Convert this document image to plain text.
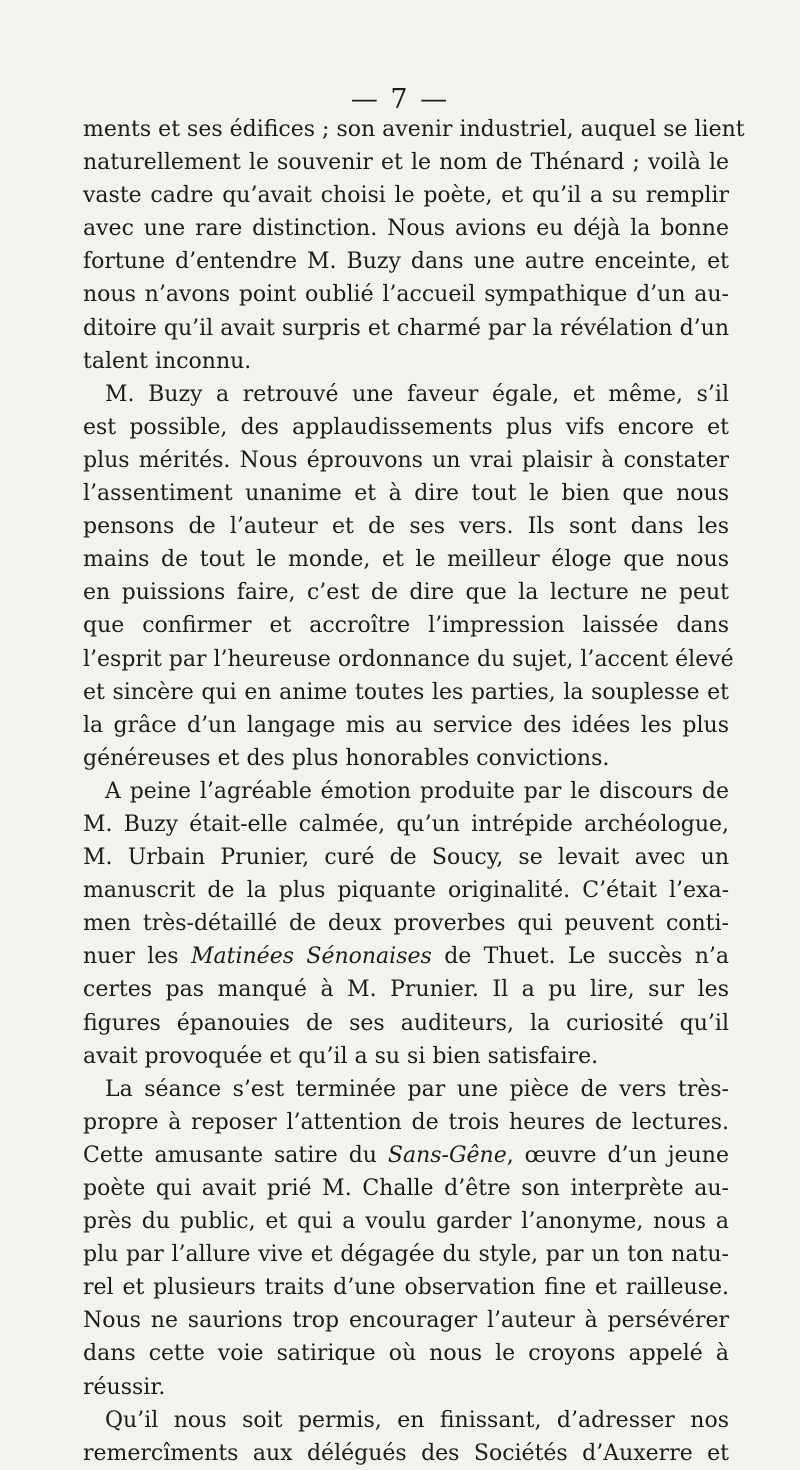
— 7 —
ments et ses édifices ; son avenir industriel, auquel se lient
naturellement le souvenir et le nom de Thénard ; voilà le
vaste cadre qu’avait choisi le poète, et qu’il a su remplir
avec une rare distinction. Nous avions eu déjà la bonne
fortune d’entendre M. Buzy dans une autre enceinte, et
nous n’avons point oublié l’accueil sympathique d’un au-
ditoire qu’il avait surpris et charmé par la révélation d’un
talent inconnu.
M. Buzy a retrouvé une faveur égale, et même, s’il
est possible, des applaudissements plus vifs encore et
plus mérités. Nous éprouvons un vrai plaisir à constater
l’assentiment unanime et à dire tout le bien que nous
pensons de l’auteur et de ses vers. Ils sont dans les
mains de tout le monde, et le meilleur éloge que nous
en puissions faire, c’est de dire que la lecture ne peut
que confirmer et accroître l’impression laissée dans
l’esprit par l’heureuse ordonnance du sujet, l’accent élevé
et sincère qui en anime toutes les parties, la souplesse et
la grâce d’un langage mis au service des idées les plus
généreuses et des plus honorables convictions.
A peine l’agréable émotion produite par le discours de
M. Buzy était-elle calmée, qu’un intrépide archéologue,
M. Urbain Prunier, curé de Soucy, se levait avec un
manuscrit de la plus piquante originalité. C’était l’exa-
men très-détaillé de deux proverbes qui peuvent conti-
nuer les Matinées Sénonaises de Thuet. Le succès n’a
certes pas manqué à M. Prunier. Il a pu lire, sur les
figures épanouies de ses auditeurs, la curiosité qu’il
avait provoquée et qu’il a su si bien satisfaire.
La séance s’est terminée par une pièce de vers très-
propre à reposer l’attention de trois heures de lectures.
Cette amusante satire du Sans-Gêne, œuvre d’un jeune
poète qui avait prié M. Challe d’être son interprète au-
près du public, et qui a voulu garder l’anonyme, nous a
plu par l’allure vive et dégagée du style, par un ton natu-
rel et plusieurs traits d’une observation fine et railleuse.
Nous ne saurions trop encourager l’auteur à persévérer
dans cette voie satirique où nous le croyons appelé à
réussir.
Qu’il nous soit permis, en finissant, d’adresser nos
remercîments aux délégués des Sociétés d’Auxerre et
